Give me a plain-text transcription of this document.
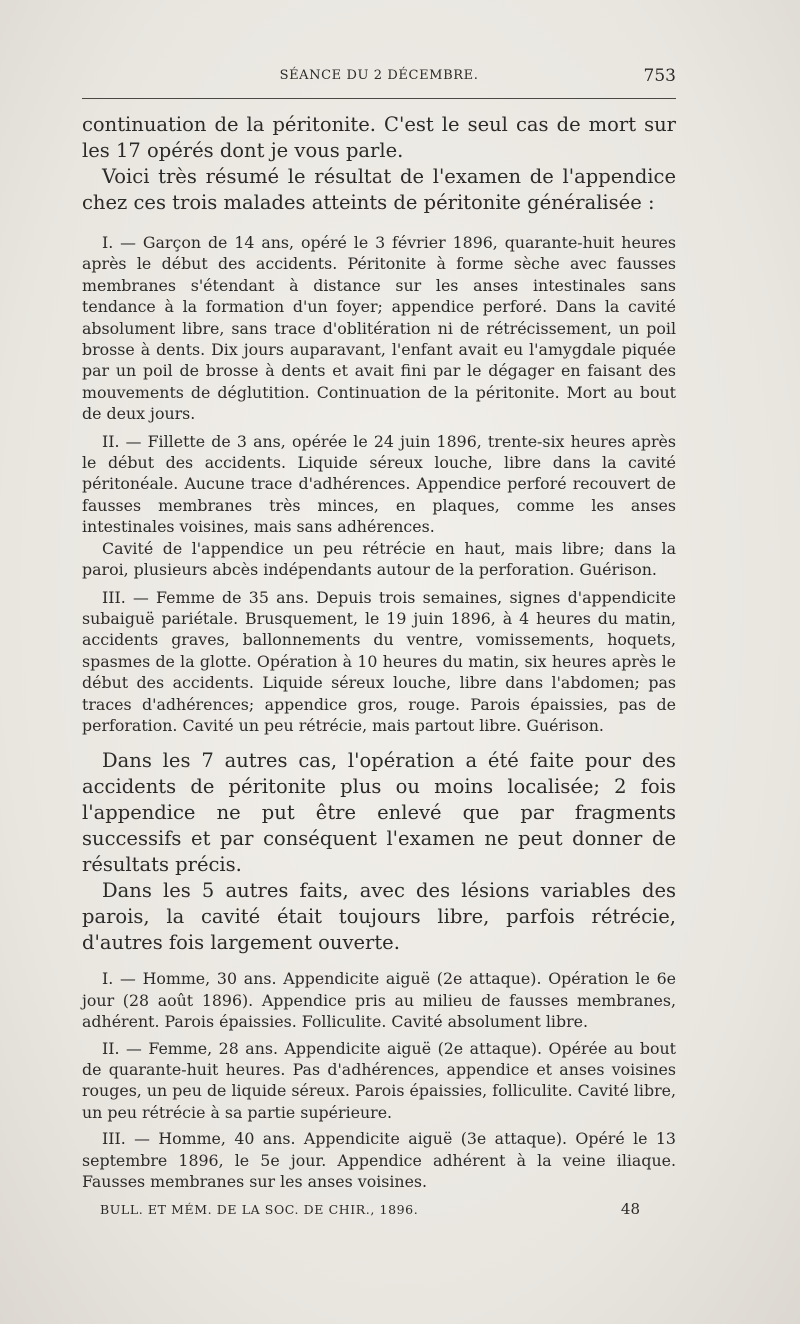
SÉANCE DU 2 DÉCEMBRE.	753

continuation de la péritonite. C'est le seul cas de mort sur les 17 opérés dont je vous parle.

Voici très résumé le résultat de l'examen de l'appendice chez ces trois malades atteints de péritonite généralisée :

I. — Garçon de 14 ans, opéré le 3 février 1896, quarante-huit heures après le début des accidents. Péritonite à forme sèche avec fausses membranes s'étendant à distance sur les anses intestinales sans tendance à la formation d'un foyer; appendice perforé. Dans la cavité absolument libre, sans trace d'oblitération ni de rétrécissement, un poil brosse à dents. Dix jours auparavant, l'enfant avait eu l'amygdale piquée par un poil de brosse à dents et avait fini par le dégager en faisant des mouvements de déglutition. Continuation de la péritonite. Mort au bout de deux jours.

II. — Fillette de 3 ans, opérée le 24 juin 1896, trente-six heures après le début des accidents. Liquide séreux louche, libre dans la cavité péritonéale. Aucune trace d'adhérences. Appendice perforé recouvert de fausses membranes très minces, en plaques, comme les anses intestinales voisines, mais sans adhérences.

Cavité de l'appendice un peu rétrécie en haut, mais libre; dans la paroi, plusieurs abcès indépendants autour de la perforation. Guérison.

III. — Femme de 35 ans. Depuis trois semaines, signes d'appendicite subaiguë pariétale. Brusquement, le 19 juin 1896, à 4 heures du matin, accidents graves, ballonnements du ventre, vomissements, hoquets, spasmes de la glotte. Opération à 10 heures du matin, six heures après le début des accidents. Liquide séreux louche, libre dans l'abdomen; pas traces d'adhérences; appendice gros, rouge. Parois épaissies, pas de perforation. Cavité un peu rétrécie, mais partout libre. Guérison.

Dans les 7 autres cas, l'opération a été faite pour des accidents de péritonite plus ou moins localisée; 2 fois l'appendice ne put être enlevé que par fragments successifs et par conséquent l'examen ne peut donner de résultats précis.

Dans les 5 autres faits, avec des lésions variables des parois, la cavité était toujours libre, parfois rétrécie, d'autres fois largement ouverte.

I. — Homme, 30 ans. Appendicite aiguë (2e attaque). Opération le 6e jour (28 août 1896). Appendice pris au milieu de fausses membranes, adhérent. Parois épaissies. Folliculite. Cavité absolument libre.

II. — Femme, 28 ans. Appendicite aiguë (2e attaque). Opérée au bout de quarante-huit heures. Pas d'adhérences, appendice et anses voisines rouges, un peu de liquide séreux. Parois épaissies, folliculite. Cavité libre, un peu rétrécie à sa partie supérieure.

III. — Homme, 40 ans. Appendicite aiguë (3e attaque). Opéré le 13 septembre 1896, le 5e jour. Appendice adhérent à la veine iliaque. Fausses membranes sur les anses voisines.

BULL. ET MÉM. DE LA SOC. DE CHIR., 1896.	48
